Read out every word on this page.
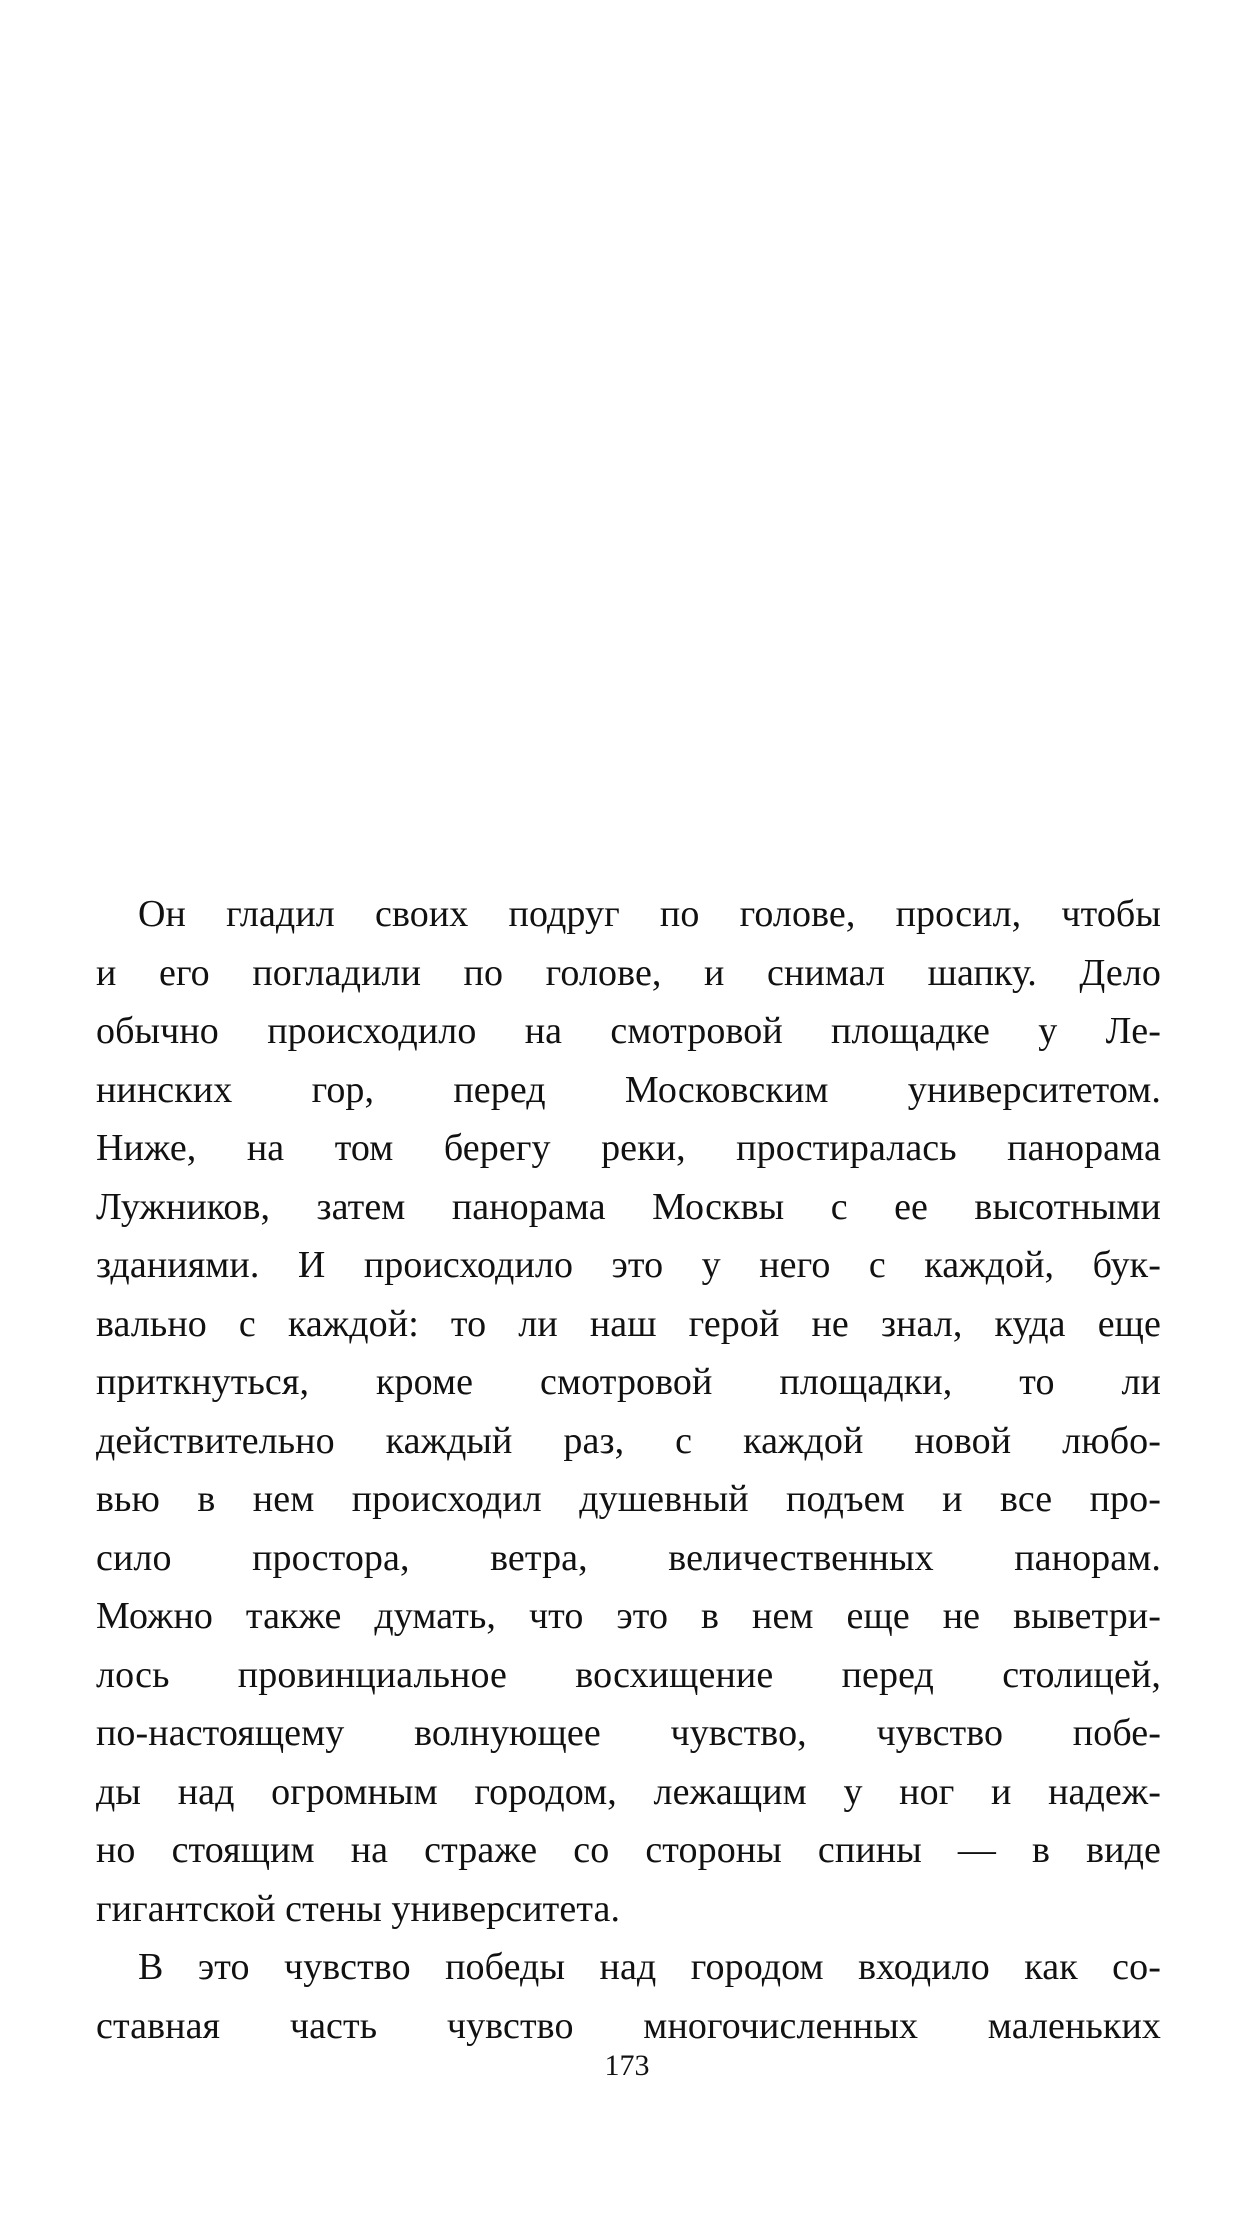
Он гладил своих подруг по голове, просил, чтобы
и его погладили по голове, и снимал шапку. Дело
обычно происходило на смотровой площадке у Ле-
нинских гор, перед Московским университетом.
Ниже, на том берегу реки, простиралась панорама
Лужников, затем панорама Москвы с ее высотными
зданиями. И происходило это у него с каждой, бук-
вально с каждой: то ли наш герой не знал, куда еще
приткнуться, кроме смотровой площадки, то ли
действительно каждый раз, с каждой новой любо-
вью в нем происходил душевный подъем и все про-
сило простора, ветра, величественных панорам.
Можно также думать, что это в нем еще не выветри-
лось провинциальное восхищение перед столицей,
по-настоящему волнующее чувство, чувство побе-
ды над огромным городом, лежащим у ног и надеж-
но стоящим на страже со стороны спины — в виде
гигантской стены университета.
В это чувство победы над городом входило как со-
ставная часть чувство многочисленных маленьких
173
